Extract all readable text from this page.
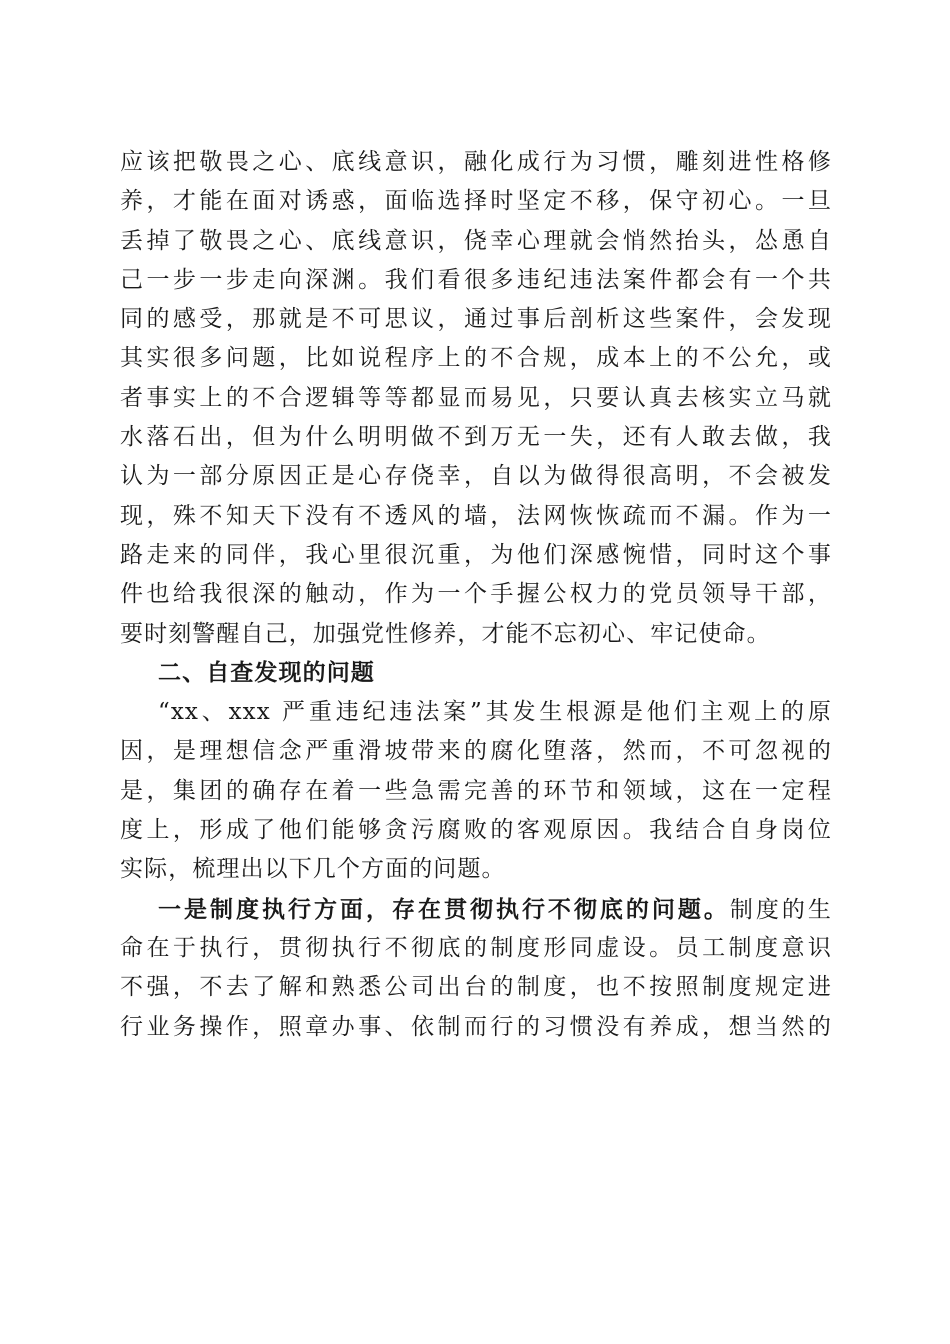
应该把敬畏之心、底线意识，融化成行为习惯，雕刻进性格修
养，才能在面对诱惑，面临选择时坚定不移，保守初心。一旦
丢掉了敬畏之心、底线意识，侥幸心理就会悄然抬头，怂恿自
己一步一步走向深渊。我们看很多违纪违法案件都会有一个共
同的感受，那就是不可思议，通过事后剖析这些案件，会发现
其实很多问题，比如说程序上的不合规，成本上的不公允，或
者事实上的不合逻辑等等都显而易见，只要认真去核实立马就
水落石出，但为什么明明做不到万无一失，还有人敢去做，我
认为一部分原因正是心存侥幸，自以为做得很高明，不会被发
现，殊不知天下没有不透风的墙，法网恢恢疏而不漏。作为一
路走来的同伴，我心里很沉重，为他们深感惋惜，同时这个事
件也给我很深的触动，作为一个手握公权力的党员领导干部，
要时刻警醒自己，加强党性修养，才能不忘初心、牢记使命。
二、自查发现的问题
“xx、xxx 严重违纪违法案”其发生根源是他们主观上的原
因，是理想信念严重滑坡带来的腐化堕落，然而，不可忽视的
是，集团的确存在着一些急需完善的环节和领域，这在一定程
度上，形成了他们能够贪污腐败的客观原因。我结合自身岗位
实际，梳理出以下几个方面的问题。
一是制度执行方面，存在贯彻执行不彻底的问题。制度的生
命在于执行，贯彻执行不彻底的制度形同虚设。员工制度意识
不强，不去了解和熟悉公司出台的制度，也不按照制度规定进
行业务操作，照章办事、依制而行的习惯没有养成，想当然的
